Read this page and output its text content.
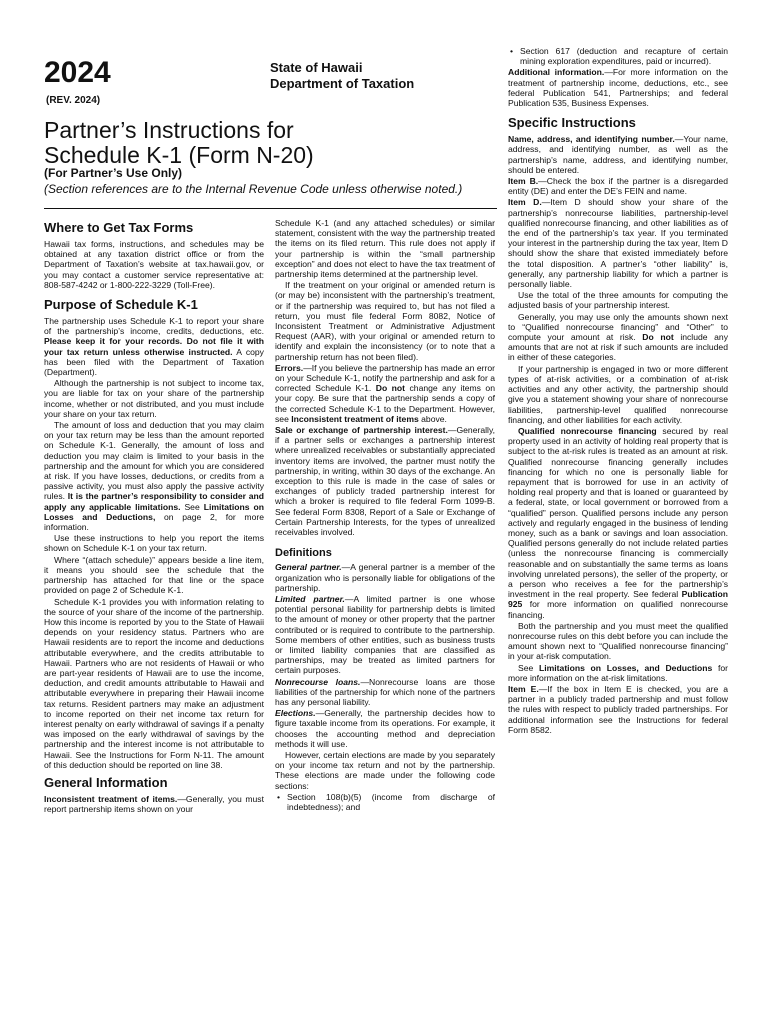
2024
(REV. 2024)
State of Hawaii
Department of Taxation
Partner’s Instructions for
Schedule K-1 (Form N-20)
(For Partner’s Use Only)
(Section references are to the Internal Revenue Code unless otherwise noted.)
Where to Get Tax Forms

Hawaii tax forms, instructions, and schedules may be obtained at any taxation district office or from the Department of Taxation’s website at tax.hawaii.gov, or you may contact a customer service representative at: 808-587-4242 or 1-800-222-3229 (Toll-Free).

Purpose of Schedule K-1

The partnership uses Schedule K-1 to report your share of the partnership’s income, credits, deductions, etc. Please keep it for your records. Do not file it with your tax return unless otherwise instructed. A copy has been filed with the Department of Taxation (Department).

Although the partnership is not subject to income tax, you are liable for tax on your share of the partnership income, whether or not distributed, and you must include your share on your tax return.

The amount of loss and deduction that you may claim on your tax return may be less than the amount reported on Schedule K-1. Generally, the amount of loss and deduction you may claim is limited to your basis in the partnership and the amount for which you are considered at risk. If you have losses, deductions, or credits from a passive activity, you must also apply the passive activity rules. It is the partner’s responsibility to consider and apply any applicable limitations. See Limitations on Losses and Deductions, on page 2, for more information.

Use these instructions to help you report the items shown on Schedule K-1 on your tax return.

Where “(attach schedule)” appears beside a line item, it means you should see the schedule that the partnership has attached for that line or the space provided on page 2 of Schedule K-1.

Schedule K-1 provides you with information relating to the source of your share of the income of the partnership. How this income is reported by you to the State of Hawaii depends on your residency status. Partners who are Hawaii residents are to report the income and deductions attributable everywhere, and the credits attributable to Hawaii. Partners who are not residents of Hawaii or who are part-year residents of Hawaii are to use the income, deduction, and credit amounts attributable to Hawaii and attributable everywhere in preparing their Hawaii income tax returns. Resident partners may make an adjustment to income reported on their net income tax return for interest penalty on early withdrawal of savings if a penalty was imposed on the early withdrawal of savings by the partnership and the interest income is not attributable to Hawaii. See the Instructions for Form N-11. The amount of this deduction should be reported on line 38.

General Information

Inconsistent treatment of items.—Generally, you must report partnership items shown on your

Schedule K-1 (and any attached schedules) or similar statement, consistent with the way the partnership treated the items on its filed return. This rule does not apply if your partnership is within the “small partnership exception” and does not elect to have the tax treatment of partnership items determined at the partnership level.

If the treatment on your original or amended return is (or may be) inconsistent with the partnership’s treatment, or if the partnership was required to, but has not filed a return, you must file federal Form 8082, Notice of Inconsistent Treatment or Administrative Adjustment Request (AAR), with your original or amended return to identify and explain the inconsistency (or to note that a partnership return has not been filed).

Errors.—If you believe the partnership has made an error on your Schedule K-1, notify the partnership and ask for a corrected Schedule K-1. Do not change any items on your copy. Be sure that the partnership sends a copy of the corrected Schedule K-1 to the Department. However, see Inconsistent treatment of items above.

Sale or exchange of partnership interest.—Generally, if a partner sells or exchanges a partnership interest where unrealized receivables or substantially appreciated inventory items are involved, the partner must notify the partnership, in writing, within 30 days of the exchange. An exception to this rule is made in the case of sales or exchanges of publicly traded partnership interest for which a broker is required to file federal Form 1099-B. See federal Form 8308, Report of a Sale or Exchange of Certain Partnership Interests, for the types of unrealized receivables involved.

Definitions

General partner.—A general partner is a member of the organization who is personally liable for obligations of the partnership.

Limited partner.—A limited partner is one whose potential personal liability for partnership debts is limited to the amount of money or other property that the partner contributed or is required to contribute to the partnership. Some members of other entities, such as business trusts or limited liability companies that are classified as partnerships, may be treated as limited partners for certain purposes.

Nonrecourse loans.—Nonrecourse loans are those liabilities of the partnership for which none of the partners has any personal liability.

Elections.—Generally, the partnership decides how to figure taxable income from its operations. For example, it chooses the accounting method and depreciation methods it will use.

However, certain elections are made by you separately on your income tax return and not by the partnership. These elections are made under the following code sections:

• Section 108(b)(5) (income from discharge of indebtedness); and

• Section 617 (deduction and recapture of certain mining exploration expenditures, paid or incurred).

Additional information.—For more information on the treatment of partnership income, deductions, etc., see federal Publication 541, Partnerships; and federal Publication 535, Business Expenses.

Specific Instructions

Name, address, and identifying number.—Your name, address, and identifying number, as well as the partnership’s name, address, and identifying number, should be entered.

Item B.—Check the box if the partner is a disregarded entity (DE) and enter the DE’s FEIN and name.

Item D.—Item D should show your share of the partnership’s nonrecourse liabilities, partnership-level qualified nonrecourse financing, and other liabilities as of the end of the partnership’s tax year. If you terminated your interest in the partnership during the tax year, Item D should show the share that existed immediately before the total disposition. A partner’s “other liability” is, generally, any partnership liability for which a partner is personally liable.

Use the total of the three amounts for computing the adjusted basis of your partnership interest.

Generally, you may use only the amounts shown next to “Qualified nonrecourse financing” and “Other” to compute your amount at risk. Do not include any amounts that are not at risk if such amounts are included in either of these categories.

If your partnership is engaged in two or more different types of at-risk activities, or a combination of at-risk activities and any other activity, the partnership should give you a statement showing your share of nonrecourse liabilities, partnership-level qualified nonrecourse financing, and other liabilities for each activity.

Qualified nonrecourse financing secured by real property used in an activity of holding real property that is subject to the at-risk rules is treated as an amount at risk. Qualified nonrecourse financing generally includes financing for which no one is personally liable for repayment that is borrowed for use in an activity of holding real property and that is loaned or guaranteed by a federal, state, or local government or borrowed from a “qualified” person. Qualified persons include any person actively and regularly engaged in the business of lending money, such as a bank or savings and loan association. Qualified persons generally do not include related parties (unless the nonrecourse financing is commercially reasonable and on substantially the same terms as loans involving unrelated persons), the seller of the property, or a person who receives a fee for the partnership’s investment in the real property. See federal Publication 925 for more information on qualified nonrecourse financing.

Both the partnership and you must meet the qualified nonrecourse rules on this debt before you can include the amount shown next to “Qualified nonrecourse financing” in your at-risk computation.

See Limitations on Losses, and Deductions for more information on the at-risk limitations.

Item E.—If the box in Item E is checked, you are a partner in a publicly traded partnership and must follow the rules with respect to publicly traded partnerships. For additional information see the Instructions for federal Form 8582.
